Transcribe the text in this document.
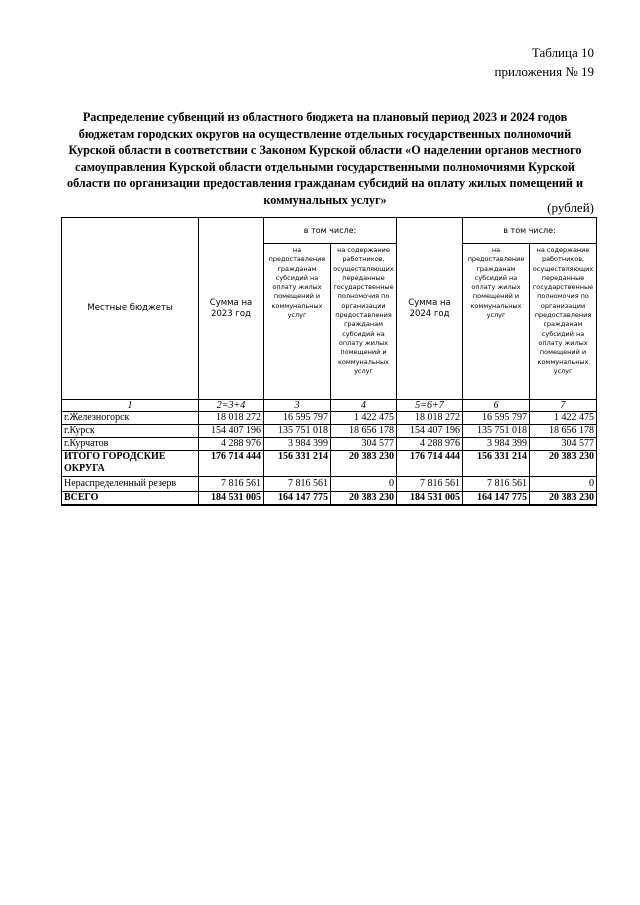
Таблица 10
приложения № 19
Распределение субвенций из областного бюджета на плановый период 2023 и 2024 годов бюджетам городских округов на осуществление отдельных государственных полномочий Курской области в соответствии с Законом Курской области «О наделении органов местного самоуправления Курской области отдельными государственными полномочиями Курской области по организации предоставления гражданам субсидий на оплату жилых помещений и коммунальных услуг»
(рублей)
Местные бюджеты	Сумма на 2023 год	в том числе:		Сумма на 2024 год	в том числе:	
		на предоставление гражданам субсидий на оплату жилых помещений и коммунальных услуг	на содержание работников, осуществляющих переданные государственные полномочия по организации предоставления гражданам субсидий на оплату жилых помещений и коммунальных услуг		на предоставление гражданам субсидий на оплату жилых помещений и коммунальных услуг	на содержание работников, осуществляющих переданные государственные полномочия по организации предоставления гражданам субсидий на оплату жилых помещений и коммунальных услуг
1	2=3+4	3	4	5=6+7	6	7
г.Железногорск	18 018 272	16 595 797	1 422 475	18 018 272	16 595 797	1 422 475
г.Курск	154 407 196	135 751 018	18 656 178	154 407 196	135 751 018	18 656 178
г.Курчатов	4 288 976	3 984 399	304 577	4 288 976	3 984 399	304 577
ИТОГО ГОРОДСКИЕ ОКРУГА	176 714 444	156 331 214	20 383 230	176 714 444	156 331 214	20 383 230
Нераспределенный резерв	7 816 561	7 816 561	0	7 816 561	7 816 561	0
ВСЕГО	184 531 005	164 147 775	20 383 230	184 531 005	164 147 775	20 383 230
